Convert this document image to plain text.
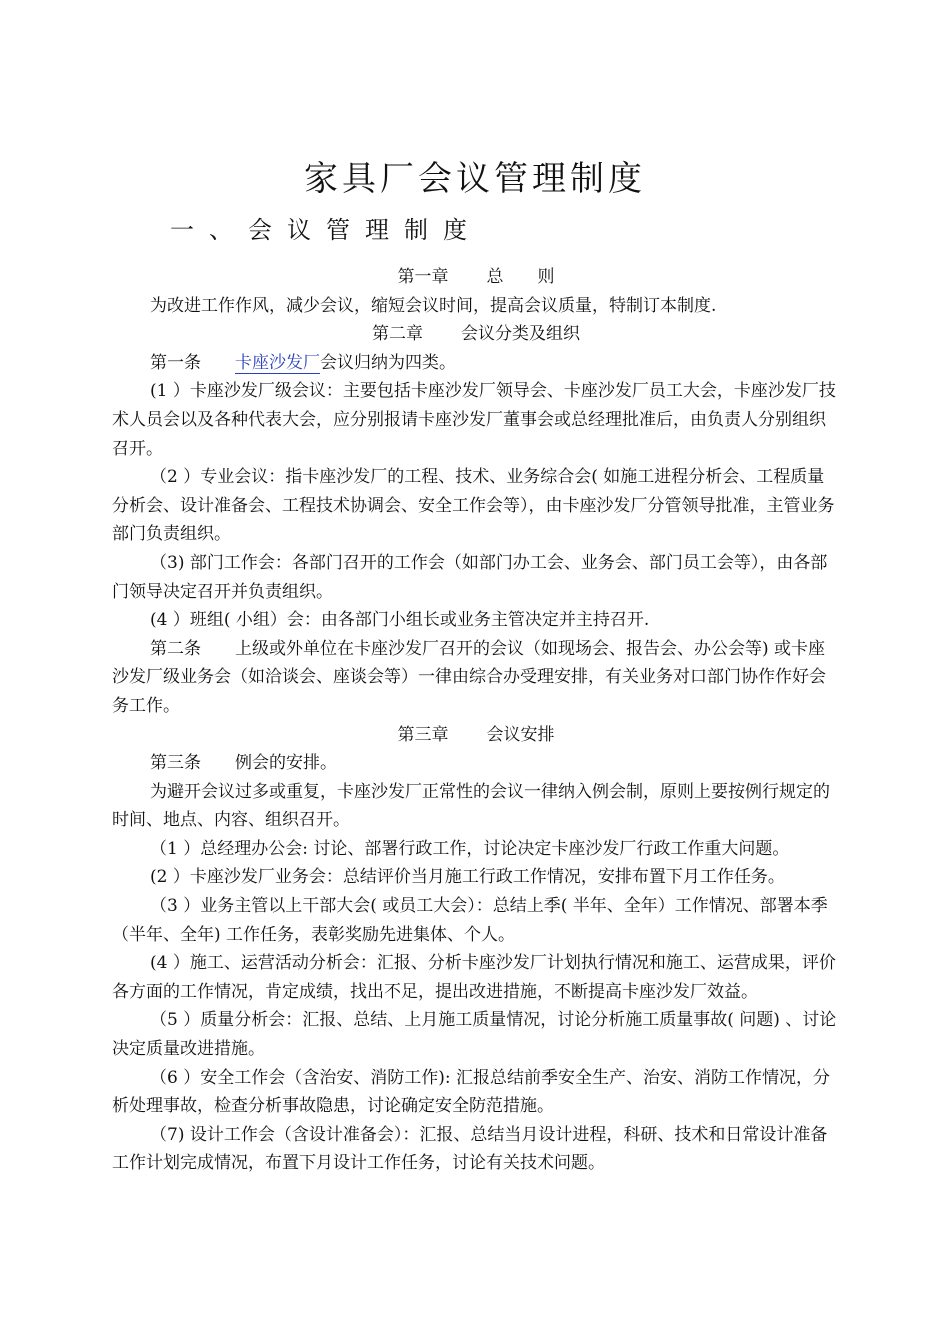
家具厂会议管理制度
一、会议管理制度

第一章 总　　则

为改进工作作风，减少会议，缩短会议时间，提高会议质量，特制订本制度.

第二章 会议分类及组织

第一条 卡座沙发厂会议归纳为四类。

(1 ）卡座沙发厂级会议：主要包括卡座沙发厂领导会、卡座沙发厂员工大会，卡座沙发厂技术人员会以及各种代表大会，应分别报请卡座沙发厂董事会或总经理批准后，由负责人分别组织召开。

（2 ）专业会议：指卡座沙发厂的工程、技术、业务综合会( 如施工进程分析会、工程质量分析会、设计准备会、工程技术协调会、安全工作会等），由卡座沙发厂分管领导批准，主管业务部门负责组织。

（3) 部门工作会：各部门召开的工作会（如部门办工会、业务会、部门员工会等），由各部门领导决定召开并负责组织。

(4 ）班组( 小组）会：由各部门小组长或业务主管决定并主持召开.

第二条 上级或外单位在卡座沙发厂召开的会议（如现场会、报告会、办公会等) 或卡座沙发厂级业务会（如洽谈会、座谈会等）一律由综合办受理安排，有关业务对口部门协作作好会务工作。

第三章 会议安排

第三条 例会的安排。

为避开会议过多或重复，卡座沙发厂正常性的会议一律纳入例会制，原则上要按例行规定的时间、地点、内容、组织召开。

（1 ）总经理办公会: 讨论、部署行政工作，讨论决定卡座沙发厂行政工作重大问题。

(2 ）卡座沙发厂业务会：总结评价当月施工行政工作情况，安排布置下月工作任务。

（3 ）业务主管以上干部大会( 或员工大会）：总结上季( 半年、全年）工作情况、部署本季（半年、全年) 工作任务，表彰奖励先进集体、个人。

(4 ）施工、运营活动分析会：汇报、分析卡座沙发厂计划执行情况和施工、运营成果，评价各方面的工作情况，肯定成绩，找出不足，提出改进措施，不断提高卡座沙发厂效益。

（5 ）质量分析会：汇报、总结、上月施工质量情况，讨论分析施工质量事故( 问题) 、讨论决定质量改进措施。

（6 ）安全工作会（含治安、消防工作): 汇报总结前季安全生产、治安、消防工作情况，分析处理事故，检查分析事故隐患，讨论确定安全防范措施。

（7) 设计工作会（含设计准备会）：汇报、总结当月设计进程，科研、技术和日常设计准备工作计划完成情况，布置下月设计工作任务，讨论有关技术问题。
